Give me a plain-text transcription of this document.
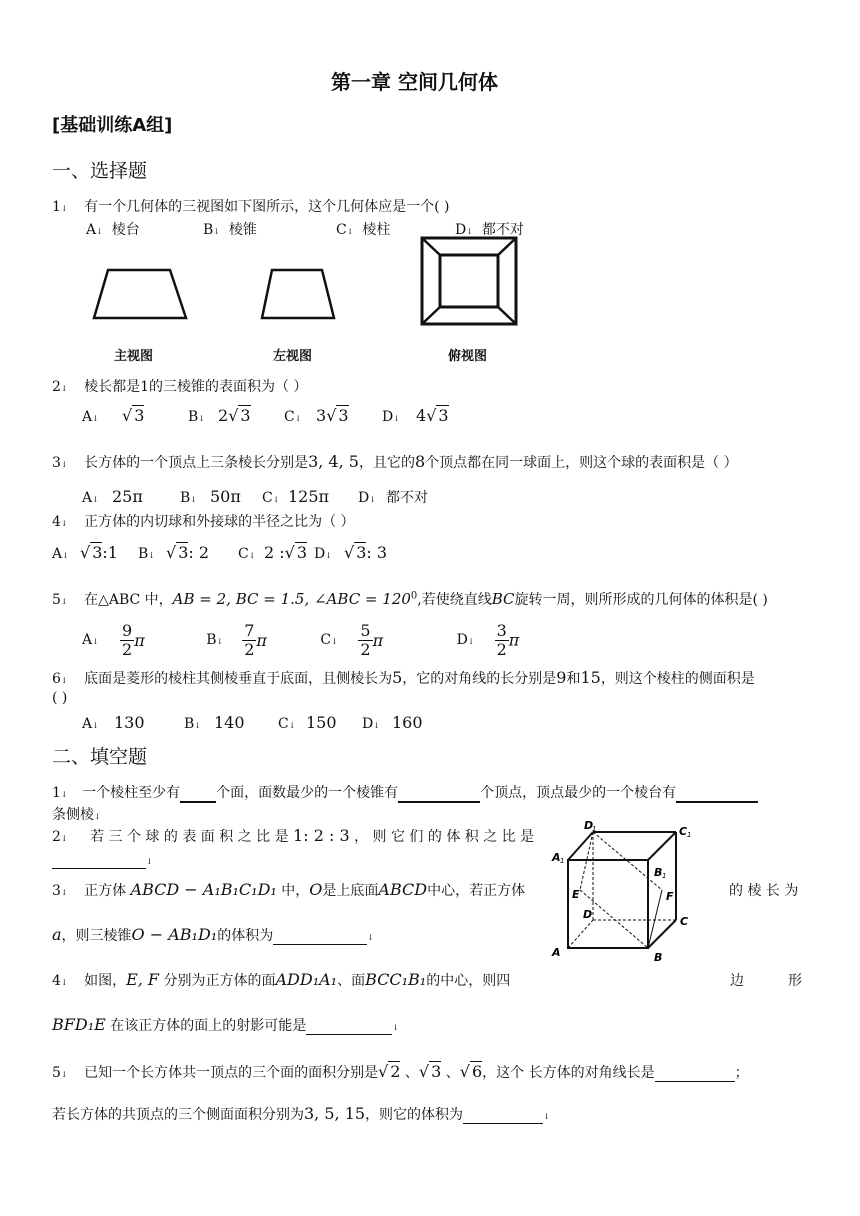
第一章 空间几何体
[基础训练A组]
一、选择题
1↓ 有一个几何体的三视图如下图所示，这个几何体应是一个( )
A↓ 棱台	B↓ 棱锥	C↓ 棱柱	D↓ 都不对
主视图	左视图	俯视图
2↓ 棱长都是1的三棱锥的表面积为（ ）
A↓ √ 3	B↓ 2√ 3 C↓ 3√ 3 D↓ 4√ 3
3↓ 长方体的一个顶点上三条棱长分别是3, 4, 5，且它的8个顶点都在同一球面上，则这个球的表面积是（ ）
A↓ 25π	B↓ 50π C↓ 125π D↓ 都不对
4↓ 正方体的内切球和外接球的半径之比为（ ）
A↓ √ 3:1 B↓ √ 3: 2 C↓ 2 :√ 3 D↓ √ 3: 3
5↓ 在△ABC 中，AB = 2, BC = 1.5, ∠ABC = $120^0$,若使绕直线BC旋转一周，则所形成的几何体的体积是( )
A↓ $\frac{9}{2}$ π	B↓ $\frac{7}{2}$ π	C↓ $\frac{5}{2}$ π	D↓ $\frac{3}{2}$ π
6↓ 底面是菱形的棱柱其侧棱垂直于底面，且侧棱长为5，它的对角线的长分别是9和15，则这个棱柱的侧面积是
( )
A↓ 130	B↓ 140 C↓ 150 D↓ 160
二、填空题
1↓ 一个棱柱至少有	个面，面数最少的一个棱锥有	个顶点，顶点最少的一个棱台有
条侧棱↓
2↓ 若 三 个 球 的 表 面 积 之 比 是 1: 2 : 3 ， 则 它 们 的 体 积 之 比 是
↓
3↓ 正方体 ABCD − A₁B₁C₁D₁ 中，O是上底面ABCD中心，若正方体	的 棱 长 为
a，则三棱锥O − AB₁D₁的体积为	↓
4↓ 如图，E, F 分别为正方体的面ADD₁A₁、面BCC₁B₁的中心，则四	边	形
BFD₁E 在该正方体的面上的射影可能是	↓
5↓ 已知一个长方体共一顶点的三个面的面积分别是√ 2 、√ 3 、√ 6，这个 长方体的对角线长是	；
若长方体的共顶点的三个侧面面积分别为3, 5, 15，则它的体积为	↓
D
1	C 1
A 1
B 1
E	F
D
C
A	B
